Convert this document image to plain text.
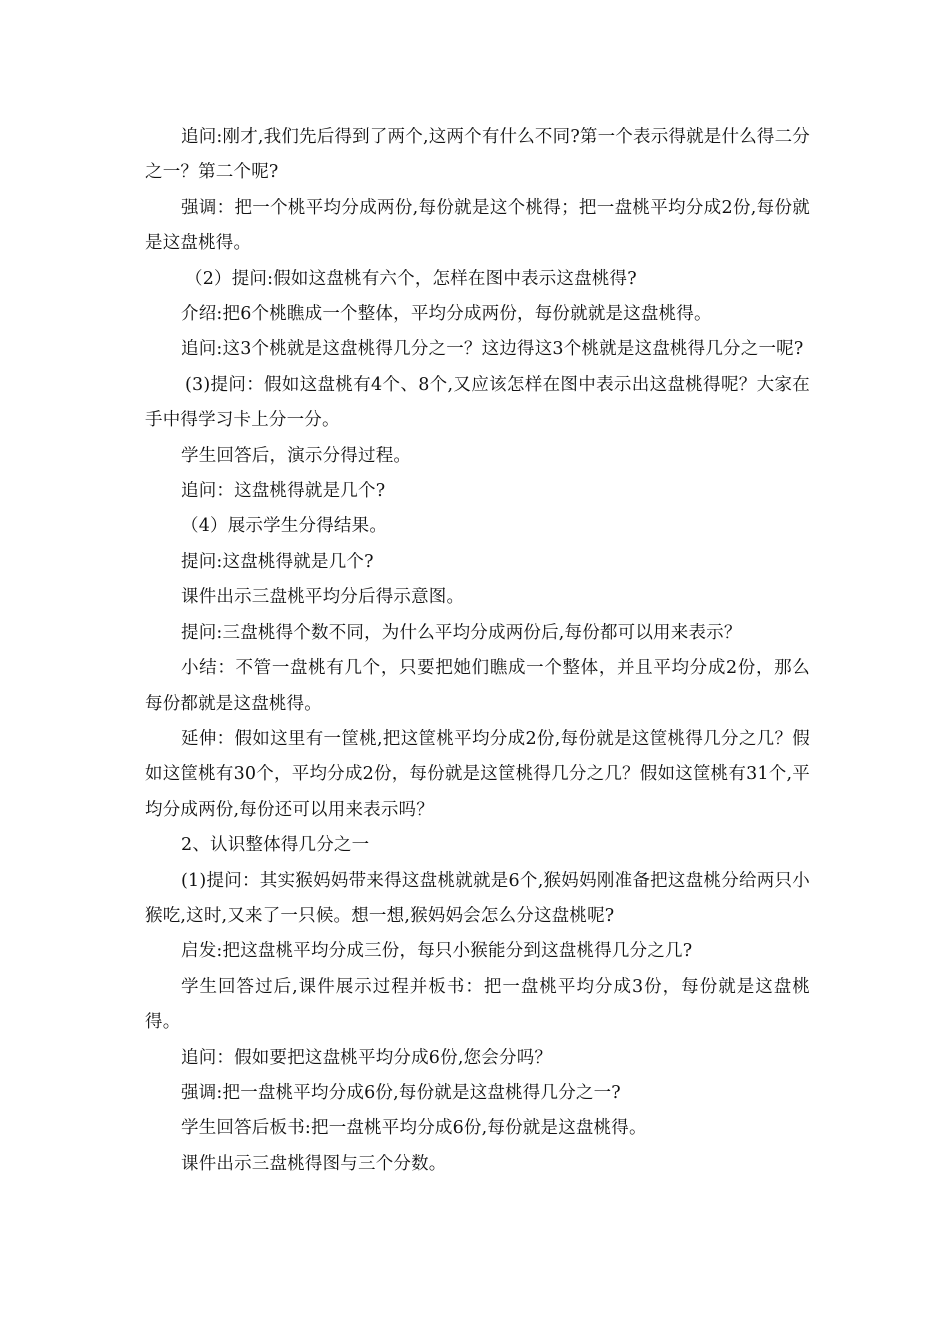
追问:刚才,我们先后得到了两个,这两个有什么不同?第一个表示得就是什么得二分之一？第二个呢?

强调：把一个桃平均分成两份,每份就是这个桃得；把一盘桃平均分成2份,每份就是这盘桃得。

（2）提问:假如这盘桃有六个，怎样在图中表示这盘桃得?

介绍:把6个桃瞧成一个整体，平均分成两份，每份就就是这盘桃得。

追问:这3个桃就是这盘桃得几分之一？这边得这3个桃就是这盘桃得几分之一呢?

(3)提问：假如这盘桃有4个、8个,又应该怎样在图中表示出这盘桃得呢？大家在手中得学习卡上分一分。

学生回答后，演示分得过程。

追问：这盘桃得就是几个?

（4）展示学生分得结果。

提问:这盘桃得就是几个?

课件出示三盘桃平均分后得示意图。

提问:三盘桃得个数不同，为什么平均分成两份后,每份都可以用来表示？

小结：不管一盘桃有几个，只要把她们瞧成一个整体，并且平均分成2份，那么每份都就是这盘桃得。

延伸：假如这里有一筐桃,把这筐桃平均分成2份,每份就是这筐桃得几分之几？假如这筐桃有30个，平均分成2份，每份就是这筐桃得几分之几？假如这筐桃有31个,平均分成两份,每份还可以用来表示吗？

2、认识整体得几分之一

(1)提问：其实猴妈妈带来得这盘桃就就是6个,猴妈妈刚准备把这盘桃分给两只小猴吃,这时,又来了一只候。想一想,猴妈妈会怎么分这盘桃呢?

启发:把这盘桃平均分成三份，每只小猴能分到这盘桃得几分之几?

学生回答过后,课件展示过程并板书：把一盘桃平均分成3份，每份就是这盘桃得。

追问：假如要把这盘桃平均分成6份,您会分吗？

强调:把一盘桃平均分成6份,每份就是这盘桃得几分之一?

学生回答后板书:把一盘桃平均分成6份,每份就是这盘桃得。

课件出示三盘桃得图与三个分数。
